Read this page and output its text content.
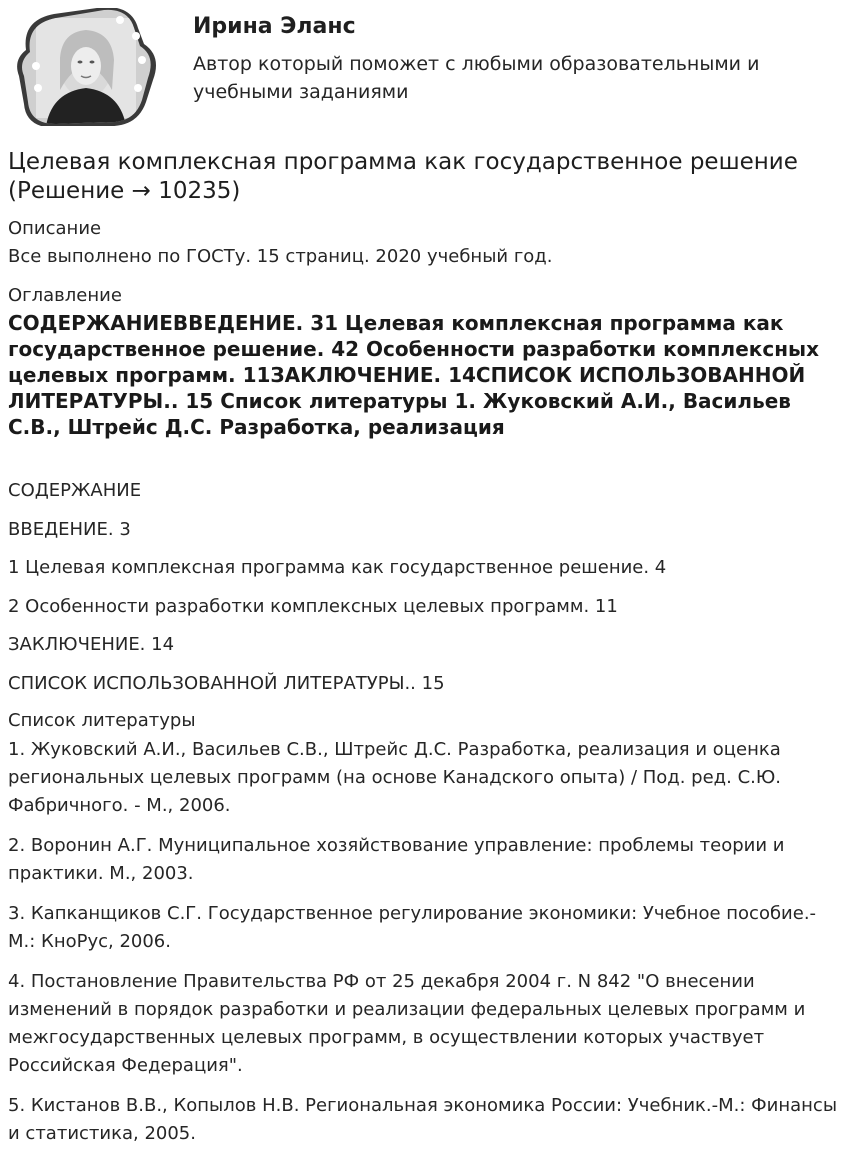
Ирина Эланс

Автор который поможет с любыми образовательными и учебными заданиями

Целевая комплексная программа как государственное решение (Решение → 10235)
Описание

Все выполнено по ГОСТу. 15 страниц. 2020 учебный год.

Оглавление

СОДЕРЖАНИЕВВЕДЕНИЕ. 31 Целевая комплексная программа как государственное решение. 42 Особенности разработки комплексных целевых программ. 11ЗАКЛЮЧЕНИЕ. 14СПИСОК ИСПОЛЬЗОВАННОЙ ЛИТЕРАТУРЫ.. 15 Список литературы 1. Жуковский А.И., Васильев С.В., Штрейс Д.С. Разработка, реализация

СОДЕРЖАНИЕ
ВВЕДЕНИЕ. 3
1 Целевая комплексная программа как государственное решение. 4
2 Особенности разработки комплексных целевых программ. 11
ЗАКЛЮЧЕНИЕ. 14
СПИСОК ИСПОЛЬЗОВАННОЙ ЛИТЕРАТУРЫ.. 15
Список литературы
1. Жуковский А.И., Васильев С.В., Штрейс Д.С. Разработка, реализация и оценка региональных целевых программ (на основе Канадского опыта) / Под. ред. С.Ю. Фабричного. - М., 2006.
2. Воронин А.Г. Муниципальное хозяйствование управление: проблемы теории и практики. М., 2003.
3. Капканщиков С.Г. Государственное регулирование экономики: Учебное пособие.-М.: КноРус, 2006.
4. Постановление Правительства РФ от 25 декабря 2004 г. N 842 "О внесении изменений в порядок разработки и реализации федеральных целевых программ и межгосударственных целевых программ, в осуществлении которых участвует Российская Федерация".
5. Кистанов В.В., Копылов Н.В. Региональная экономика России: Учебник.-М.: Финансы и статистика, 2005.
